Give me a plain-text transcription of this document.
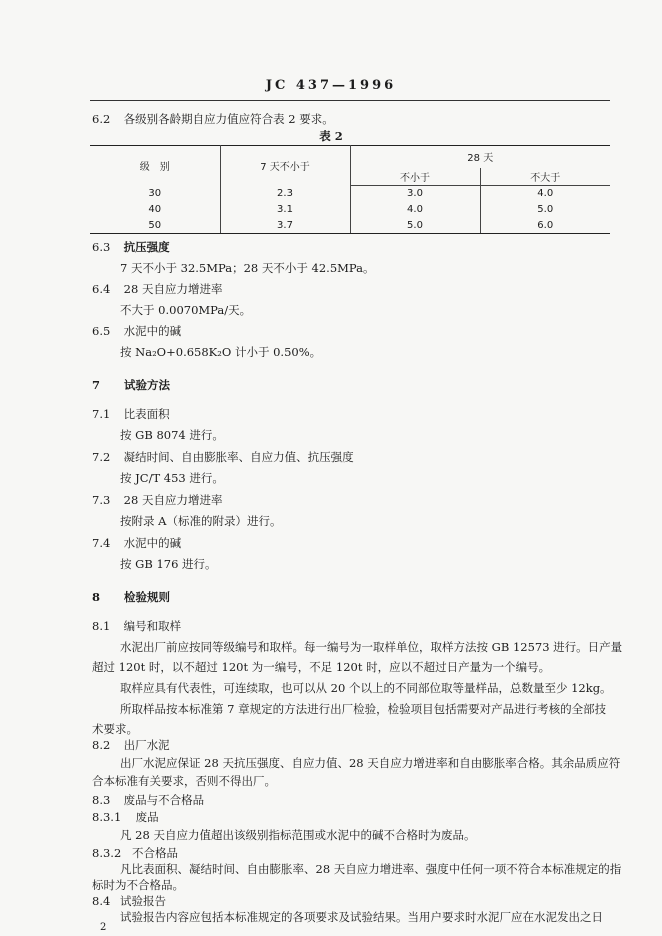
JC 437—1996
6.2 各级别各龄期自应力值应符合表 2 要求。
表 2
级　别	7 天不小于	28 天	
		不小于	不大于
30	2.3	3.0	4.0
40	3.1	4.0	5.0
50	3.7	5.0	6.0
6.3 抗压强度
7 天不小于 32.5MPa；28 天不小于 42.5MPa。
6.4 28 天自应力增进率
不大于 0.0070MPa/天。
6.5 水泥中的碱
按 Na₂O+0.658K₂O 计小于 0.50%。
7 试验方法
7.1 比表面积
按 GB 8074 进行。
7.2 凝结时间、自由膨胀率、自应力值、抗压强度
按 JC/T 453 进行。
7.3 28 天自应力增进率
按附录 A（标准的附录）进行。
7.4 水泥中的碱
按 GB 176 进行。
8 检验规则
8.1 编号和取样
水泥出厂前应按同等级编号和取样。每一编号为一取样单位，取样方法按 GB 12573 进行。日产量
超过 120t 时，以不超过 120t 为一编号，不足 120t 时，应以不超过日产量为一个编号。
取样应具有代表性，可连续取，也可以从 20 个以上的不同部位取等量样品，总数量至少 12kg。
所取样品按本标准第 7 章规定的方法进行出厂检验，检验项目包括需要对产品进行考核的全部技
术要求。
8.2 出厂水泥
出厂水泥应保证 28 天抗压强度、自应力值、28 天自应力增进率和自由膨胀率合格。其余品质应符
合本标准有关要求，否则不得出厂。
8.3 废品与不合格品
8.3.1 废品
凡 28 天自应力值超出该级别指标范围或水泥中的碱不合格时为废品。
2
8.3.2 不合格品
凡比表面积、凝结时间、自由膨胀率、28 天自应力增进率、强度中任何一项不符合本标准规定的指
标时为不合格品。
8.4 试验报告
试验报告内容应包括本标准规定的各项要求及试验结果。当用户要求时水泥厂应在水泥发出之日
